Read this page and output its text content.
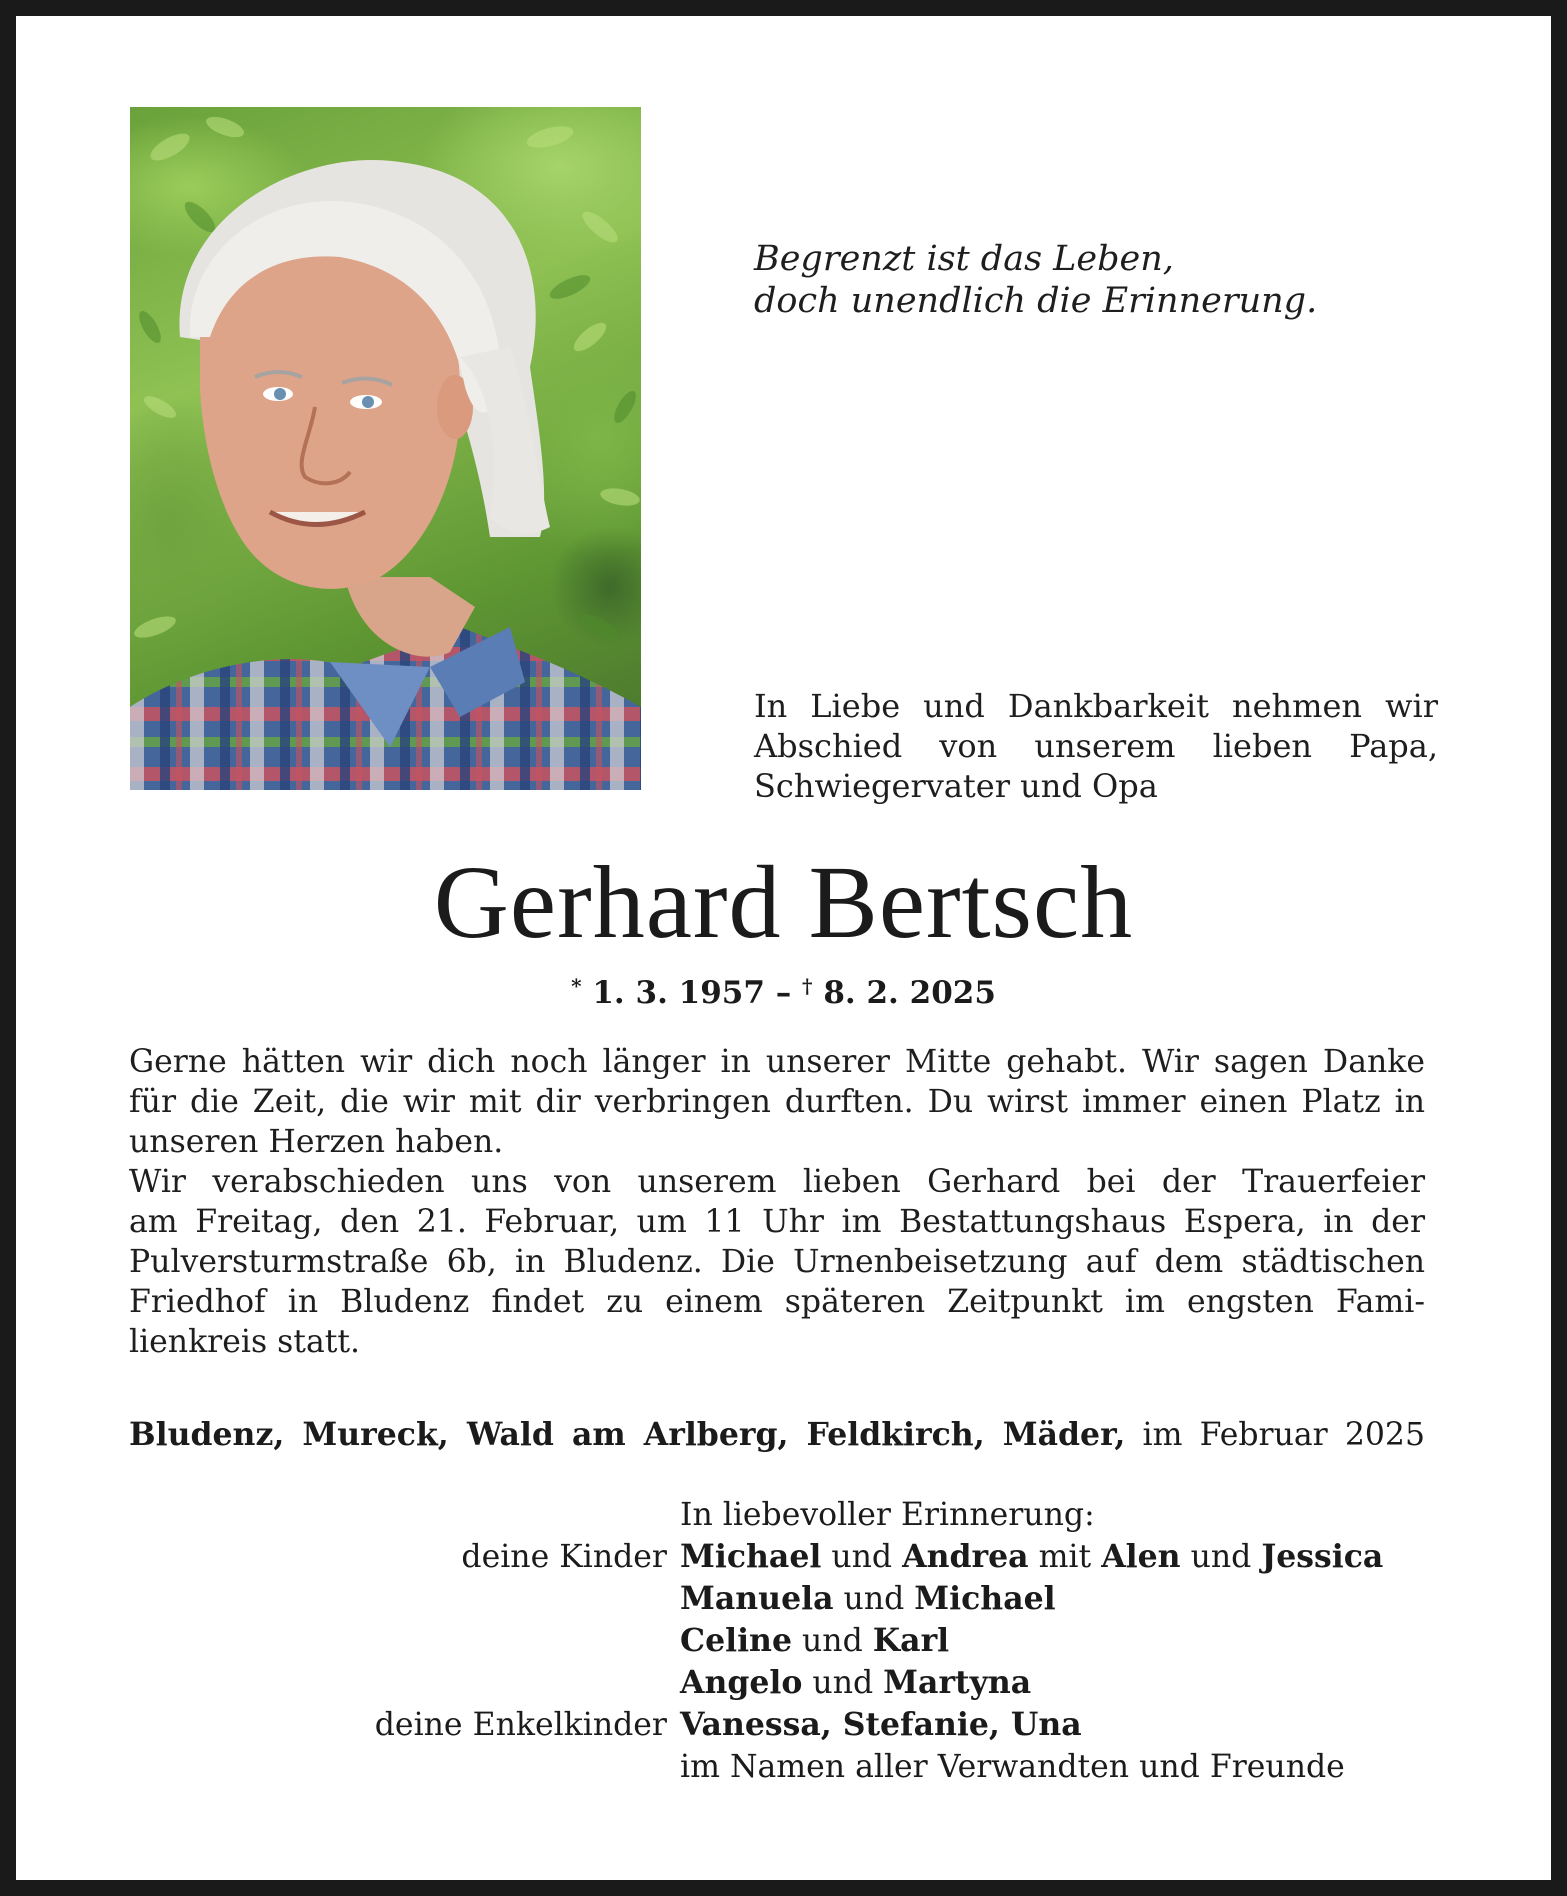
Begrenzt ist das Leben,
doch unendlich die Erinnerung.
In Liebe und Dankbarkeit nehmen wir
Abschied von unserem lieben Papa,
Schwiegervater und Opa
Gerhard Bertsch
* 1. 3. 1957 – † 8. 2. 2025
Gerne hätten wir dich noch länger in unserer Mitte gehabt. Wir sagen Danke
für die Zeit, die wir mit dir verbringen durften. Du wirst immer einen Platz in
unseren Herzen haben.
Wir verabschieden uns von unserem lieben Gerhard bei der Trauerfeier
am Freitag, den 21. Februar, um 11 Uhr im Bestattungshaus Espera, in der
Pulversturmstraße 6b, in Bludenz. Die Urnenbeisetzung auf dem städtischen
Friedhof in Bludenz findet zu einem späteren Zeitpunkt im engsten Fami-
lienkreis statt.
Bludenz, Mureck, Wald am Arlberg, Feldkirch, Mäder, im Februar 2025
In liebevoller Erinnerung:
deine Kinder Michael und Andrea mit Alen und Jessica
Manuela und Michael
Celine und Karl
Angelo und Martyna
deine Enkelkinder Vanessa, Stefanie, Una
im Namen aller Verwandten und Freunde
